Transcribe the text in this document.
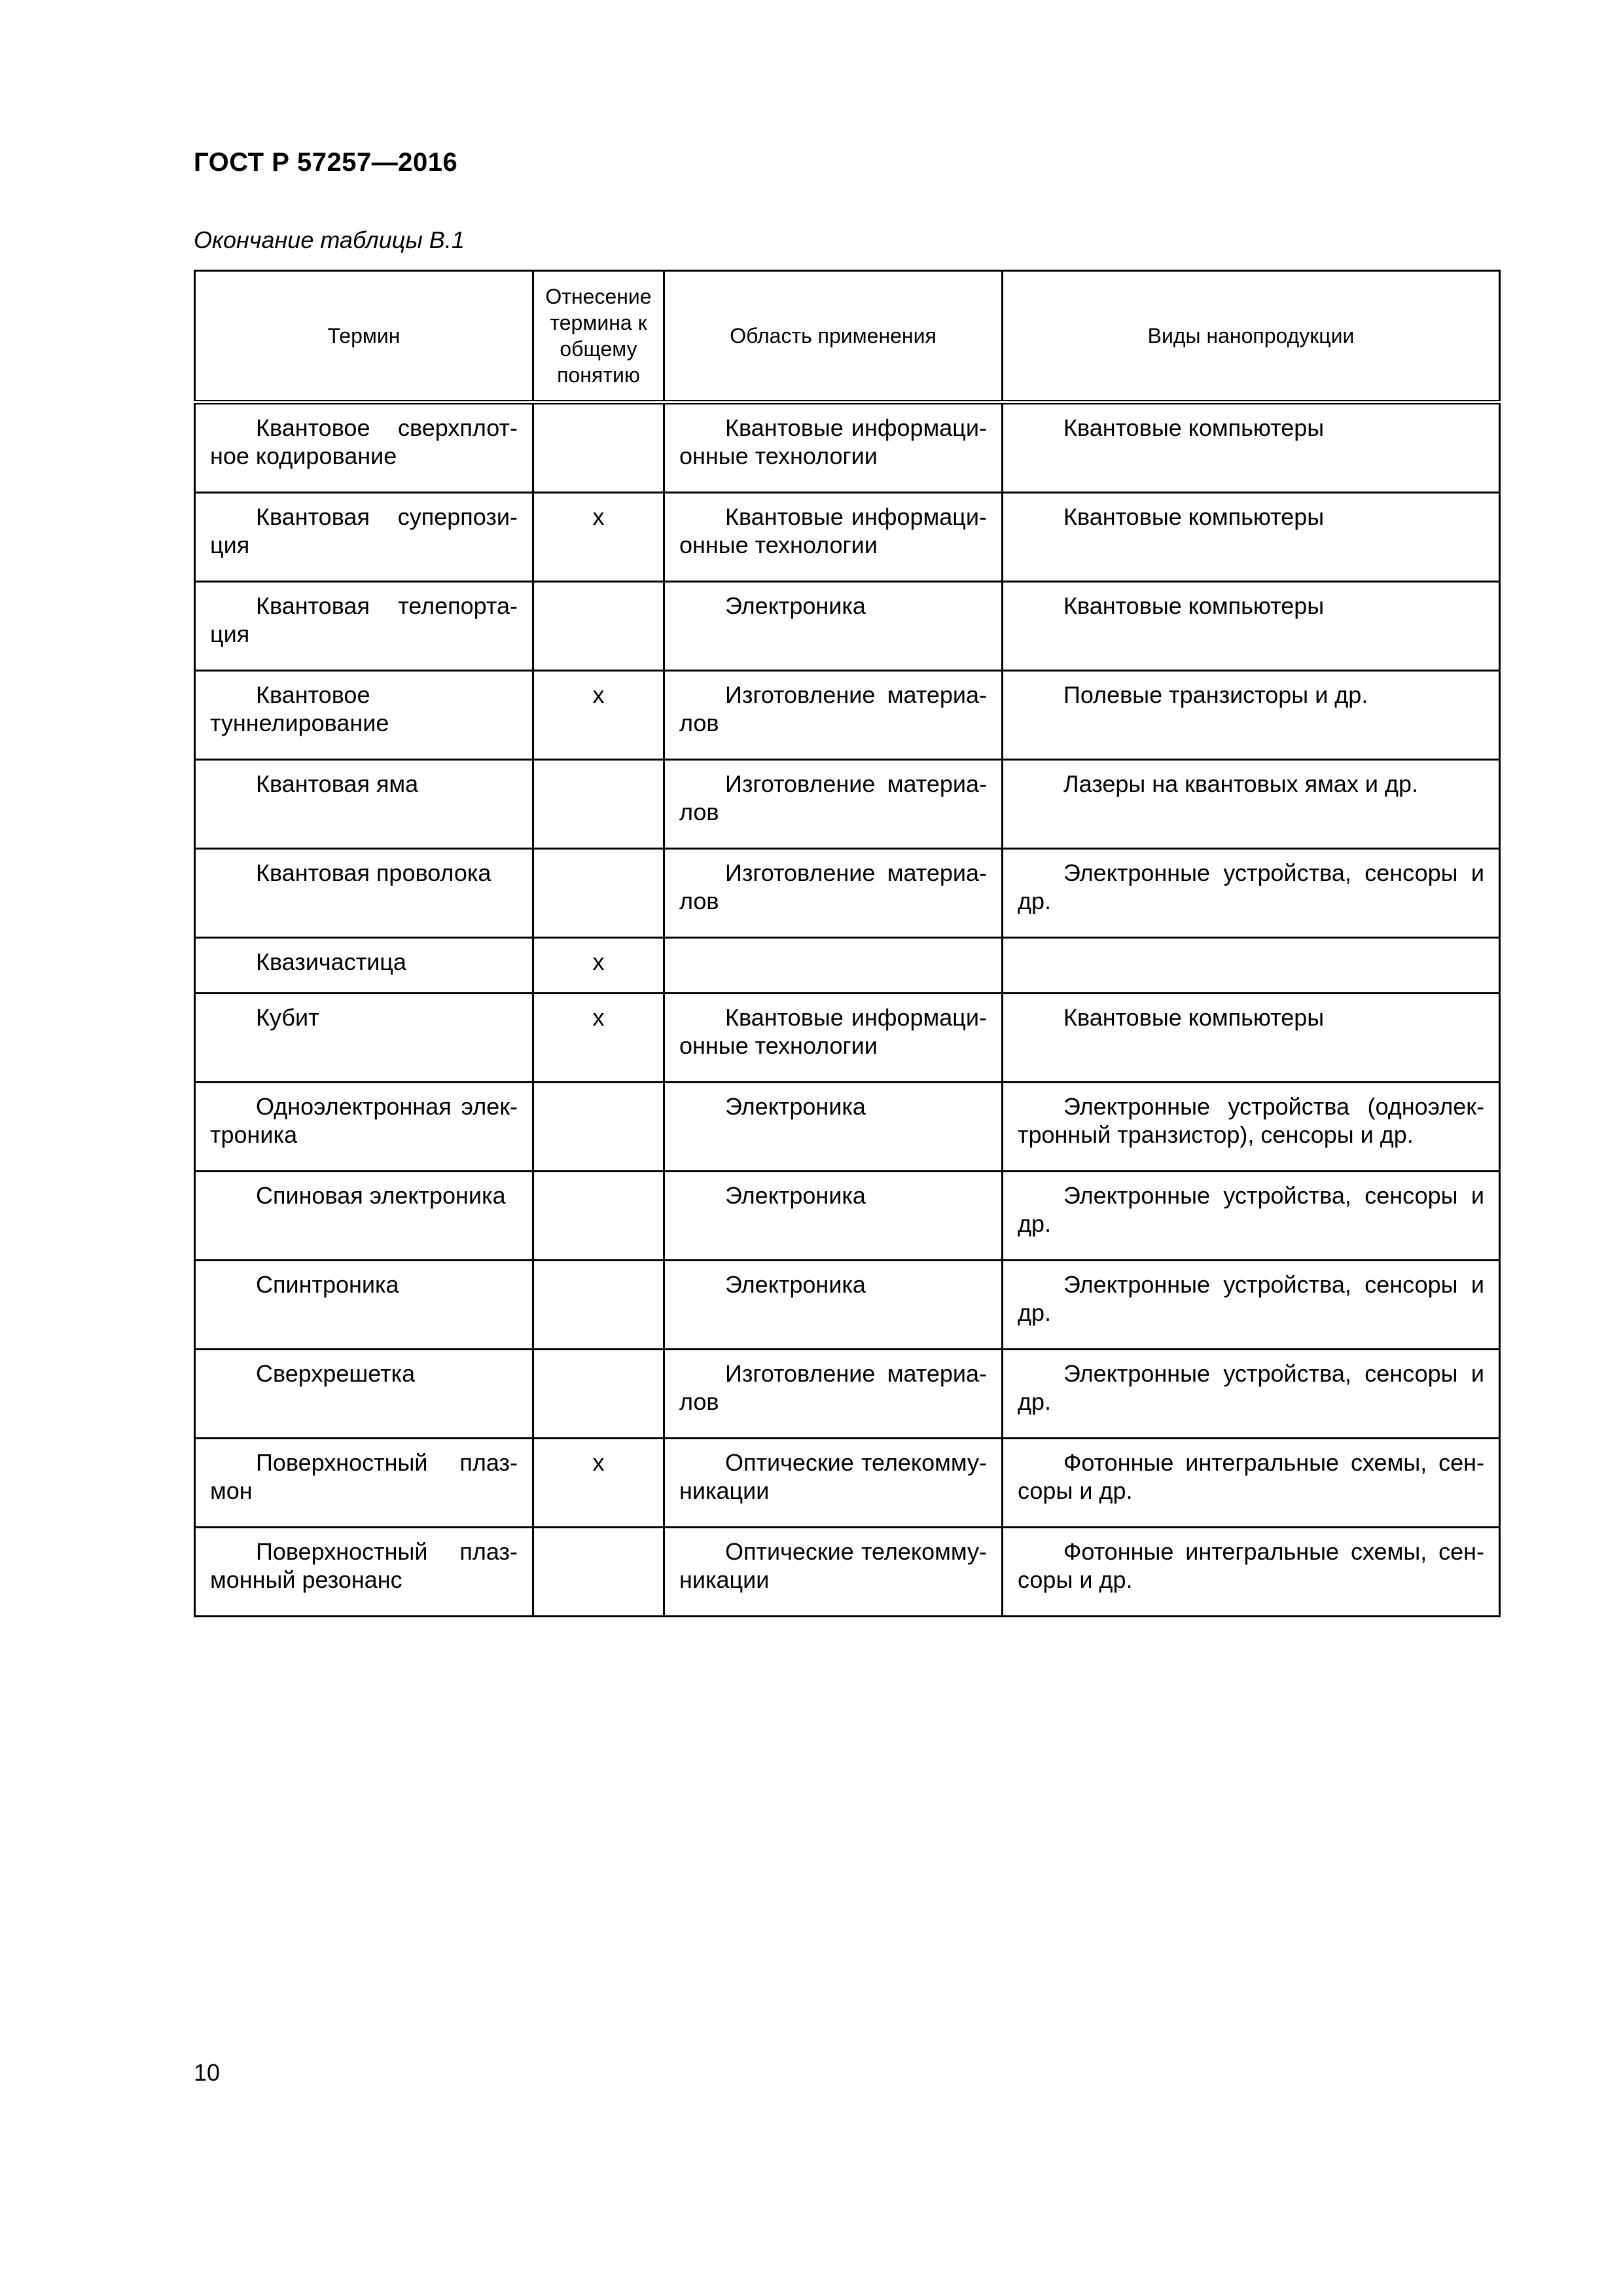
ГОСТ Р 57257—2016

Окончание таблицы В.1

Термин	Отнесение термина к общему понятию	Область применения	Виды нанопродукции

Квантовое сверхплотное кодирование		Квантовые информационные технологии	Квантовые компьютеры

Квантовая суперпозиция	x	Квантовые информационные технологии	Квантовые компьютеры

Квантовая телепортация		Электроника	Квантовые компьютеры

Квантовое туннелирование	x	Изготовление материалов	Полевые транзисторы и др.

Квантовая яма		Изготовление материалов	Лазеры на квантовых ямах и др.

Квантовая проволока		Изготовление материалов	Электронные устройства, сенсоры и др.

Квазичастица	x	

Кубит	x	Квантовые информационные технологии	Квантовые компьютеры

Одноэлектронная электроника		Электроника	Электронные устройства (одноэлектронный транзистор), сенсоры и др.

Спиновая электроника		Электроника	Электронные устройства, сенсоры и др.

Спинтроника		Электроника	Электронные устройства, сенсоры и др.

Сверхрешетка		Изготовление материалов	Электронные устройства, сенсоры и др.

Поверхностный плазмон	x	Оптические телекоммуникации	Фотонные интегральные схемы, сенсоры и др.

Поверхностный плазмонный резонанс		Оптические телекоммуникации	Фотонные интегральные схемы, сенсоры и др.

10
